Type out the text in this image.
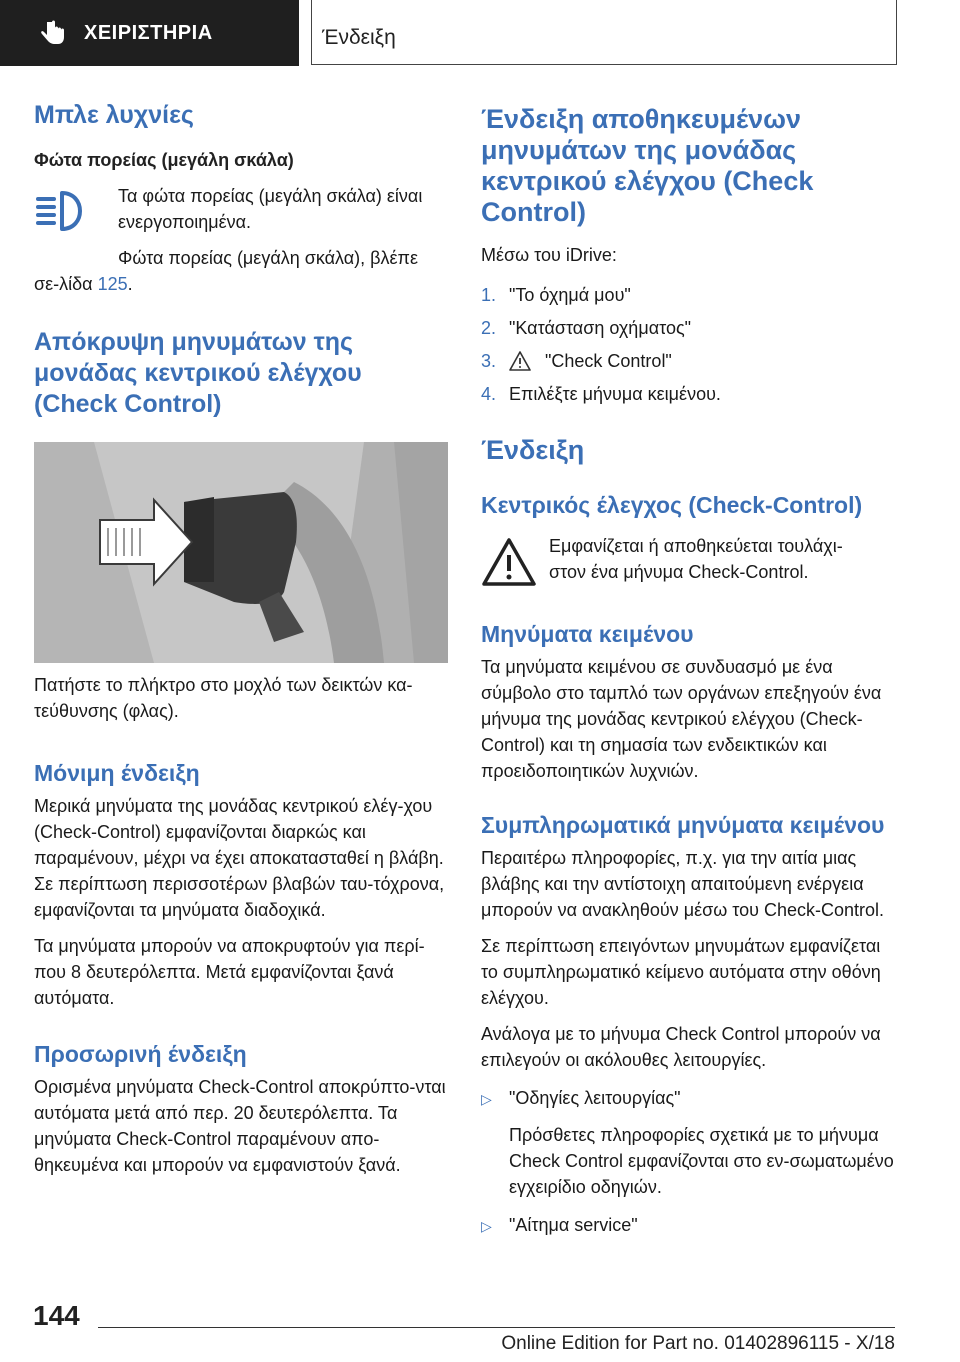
ΧΕΙΡΙΣΤΗΡΙΑ	Ένδειξη
Μπλε λυχνίες
Φώτα πορείας (μεγάλη σκάλα)

Τα φώτα πορείας (μεγάλη σκάλα) είναι ενεργοποιημένα.

Φώτα πορείας (μεγάλη σκάλα), βλέπε σε-λίδα 125.

Απόκρυψη μηνυμάτων της μονάδας κεντρικού ελέγχου (Check Control)

Πατήστε το πλήκτρο στο μοχλό των δεικτών κα-τεύθυνσης (φλας).

Μόνιμη ένδειξη

Μερικά μηνύματα της μονάδας κεντρικού ελέγ-χου (Check-Control) εμφανίζονται διαρκώς και παραμένουν, μέχρι να έχει αποκατασταθεί η βλάβη. Σε περίπτωση περισσοτέρων βλαβών ταυ-τόχρονα, εμφανίζονται τα μηνύματα διαδοχικά.

Τα μηνύματα μπορούν να αποκρυφτούν για περί-που 8 δευτερόλεπτα. Μετά εμφανίζονται ξανά αυτόματα.

Προσωρινή ένδειξη

Ορισμένα μηνύματα Check-Control αποκρύπτο-νται αυτόματα μετά από περ. 20 δευτερόλεπτα. Τα μηνύματα Check-Control παραμένουν απο-θηκευμένα και μπορούν να εμφανιστούν ξανά.

Ένδειξη αποθηκευμένων μηνυμάτων της μονάδας κεντρικού ελέγχου (Check Control)

Μέσω του iDrive:

1. "Το όχημά μου"
2. "Κατάσταση οχήματος"
3.	"Check Control"
4. Επιλέξτε μήνυμα κειμένου.
Ένδειξη
Κεντρικός έλεγχος (Check-Control)

Εμφανίζεται ή αποθηκεύεται τουλάχι-στον ένα μήνυμα Check-Control.

Μηνύματα κειμένου

Τα μηνύματα κειμένου σε συνδυασμό με ένα σύμβολο στο ταμπλό των οργάνων επεξηγούν ένα μήνυμα της μονάδας κεντρικού ελέγχου (Check-Control) και τη σημασία των ενδεικτικών και προειδοποιητικών λυχνιών.

Συμπληρωματικά μηνύματα κειμένου

Περαιτέρω πληροφορίες, π.χ. για την αιτία μιας βλάβης και την αντίστοιχη απαιτούμενη ενέργεια μπορούν να ανακληθούν μέσω του Check-Control.

Σε περίπτωση επειγόντων μηνυμάτων εμφανίζεται το συμπληρωματικό κείμενο αυτόματα στην οθόνη ελέγχου.

Ανάλογα με το μήνυμα Check Control μπορούν να επιλεγούν οι ακόλουθες λειτουργίες.

▷ "Οδηγίες λειτουργίας"

Πρόσθετες πληροφορίες σχετικά με το μήνυμα Check Control εμφανίζονται στο εν-σωματωμένο εγχειρίδιο οδηγιών.

▷ "Αίτημα service"
144
Online Edition for Part no. 01402896115 - X/18
